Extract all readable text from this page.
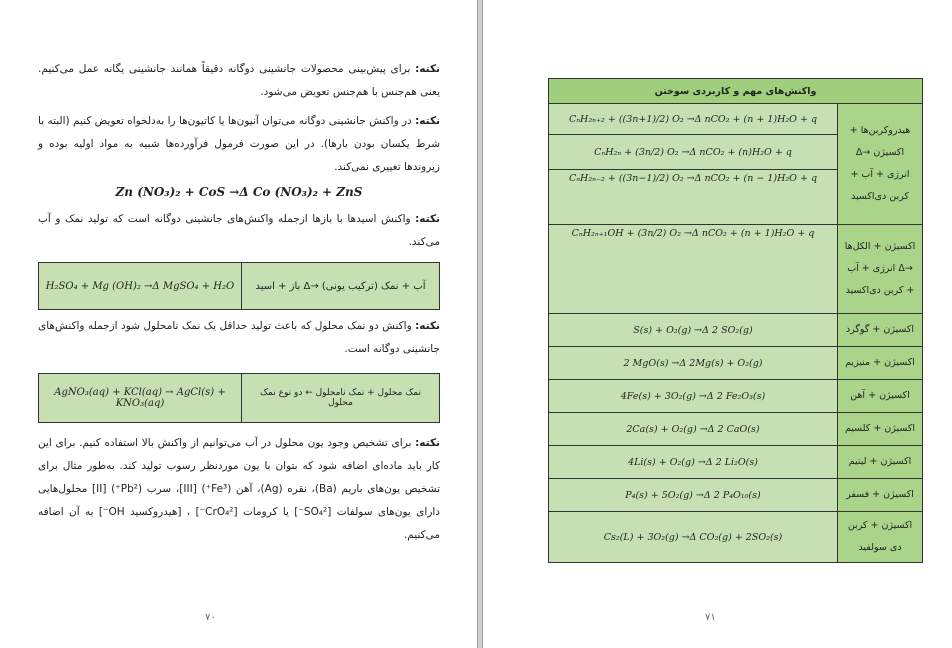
نکته: برای پیش‌بینی محصولات جانشینی دوگانه دقیقاً همانند جانشینی یگانه عمل می‌کنیم. یعنی هم‌جنس با هم‌جنس تعویض می‌شود.
نکته: در واکنش جانشینی دوگانه می‌توان آنیون‌ها یا کاتیون‌ها را به‌دلخواه تعویض کنیم (البته با شرط یکسان بودن بارها). در این صورت فرمول فرآورده‌ها شبیه به مواد اولیه بوده و زیروندها تغییری نمی‌کند.
Zn (NO₃)₂ + CoS →Δ Co (NO₃)₂ + ZnS
نکته: واکنش اسیدها با بازها ازجمله واکنش‌های جانشینی دوگانه است که تولید نمک و آب می‌کند.
H₂SO₄ + Mg (OH)₂ →Δ MgSO₄ + H₂O	آب + نمک (ترکیب یونی) →Δ باز + اسید
نکته: واکنش دو نمک محلول که باعث تولید حداقل یک نمک نامحلول شود ازجمله واکنش‌های جانشینی دوگانه است.
AgNO₃(aq) + KCl(aq) → AgCl(s) + KNO₃(aq)	نمک محلول + نمک نامحلول ← دو نوع نمک محلول
نکته: برای تشخیص وجود یون محلول در آب می‌توانیم از واکنش بالا استفاده کنیم. برای این کار باید ماده‌ای اضافه شود که بتوان با یون موردنظر رسوب تولید کند. به‌طور مثال برای تشخیص یون‌های باریم (Ba)، نقره (Ag)، آهن (Fe³⁺) [III]، سرب (Pb²⁺) [II] محلول‌هایی دارای یون‌های سولفات [SO₄²⁻] یا کرومات [CrO₄²⁻] ، [هیدروکسید OH⁻] به آن اضافه می‌کنیم.
۷۰
واکنش‌های مهم و کاربردی سوختن	
CₙH₂ₙ₊₂ + ((3n+1)/2) O₂ →Δ nCO₂ + (n + 1)H₂O + q	هیدروکربن‌ها + اکسیژن →Δ انرژی + آب + کربن دی‌اکسید
CₙH₂ₙ + (3n/2) O₂ →Δ nCO₂ + (n)H₂O + q	
CₙH₂ₙ₋₂ + ((3n−1)/2) O₂ →Δ nCO₂ + (n − 1)H₂O + q	
CₙH₂ₙ₊₁OH + (3n/2) O₂ →Δ nCO₂ + (n + 1)H₂O + q	اکسیژن + الکل‌ها →Δ انرژی + آب + کربن دی‌اکسید
S(s) + O₂(g) →Δ 2 SO₂(g)	اکسیژن + گوگرد
2 MgO(s) →Δ 2Mg(s) + O₂(g)	اکسیژن + منیزیم
4Fe(s) + 3O₂(g) →Δ 2 Fe₂O₃(s)	اکسیژن + آهن
2Ca(s) + O₂(g) →Δ 2 CaO(s)	اکسیژن + کلسیم
4Li(s) + O₂(g) →Δ 2 Li₂O(s)	اکسیژن + لیتیم
P₄(s) + 5O₂(g) →Δ 2 P₄O₁₀(s)	اکسیژن + فسفر
Cs₂(L) + 3O₂(g) →Δ CO₂(g) + 2SO₂(s)	اکسیژن + کربن دی سولفید
۷۱
